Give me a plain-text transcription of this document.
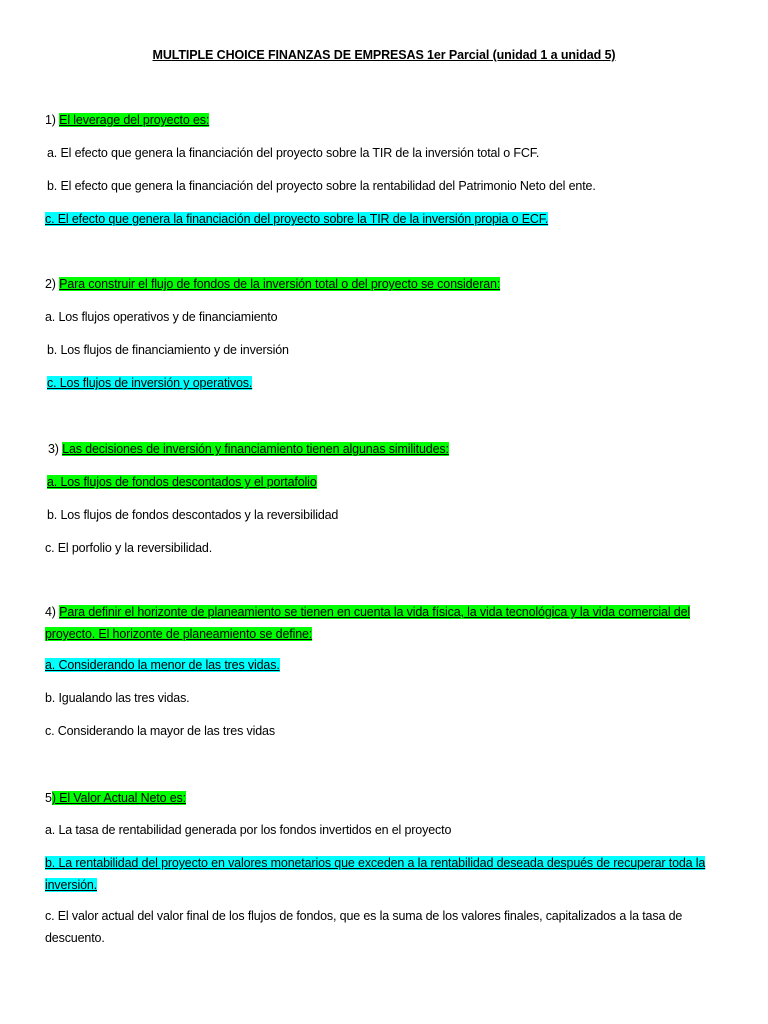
MULTIPLE CHOICE FINANZAS DE EMPRESAS 1er Parcial (unidad 1 a unidad 5)
1) El leverage del proyecto es:
a. El efecto que genera la financiación del proyecto sobre la TIR de la inversión total o FCF.
b. El efecto que genera la financiación del proyecto sobre la rentabilidad del Patrimonio Neto del ente.
c. El efecto que genera la financiación del proyecto sobre la TIR de la inversión propia o ECF.
2) Para construir el flujo de fondos de la inversión total o del proyecto se consideran:
a. Los flujos operativos y de financiamiento
b. Los flujos de financiamiento y de inversión
c. Los flujos de inversión y operativos.
3) Las decisiones de inversión y financiamiento tienen algunas similitudes:
a. Los flujos de fondos descontados y el portafolio
b. Los flujos de fondos descontados y la reversibilidad
c. El porfolio y la reversibilidad.
4) Para definir el horizonte de planeamiento se tienen en cuenta la vida física, la vida tecnológica y la vida comercial del proyecto. El horizonte de planeamiento se define:
a. Considerando la menor de las tres vidas.
b. Igualando las tres vidas.
c. Considerando la mayor de las tres vidas
5) El Valor Actual Neto es:
a. La tasa de rentabilidad generada por los fondos invertidos en el proyecto
b. La rentabilidad del proyecto en valores monetarios que exceden a la rentabilidad deseada después de recuperar toda la inversión.
c. El valor actual del valor final de los flujos de fondos, que es la suma de los valores finales, capitalizados a la tasa de descuento.
